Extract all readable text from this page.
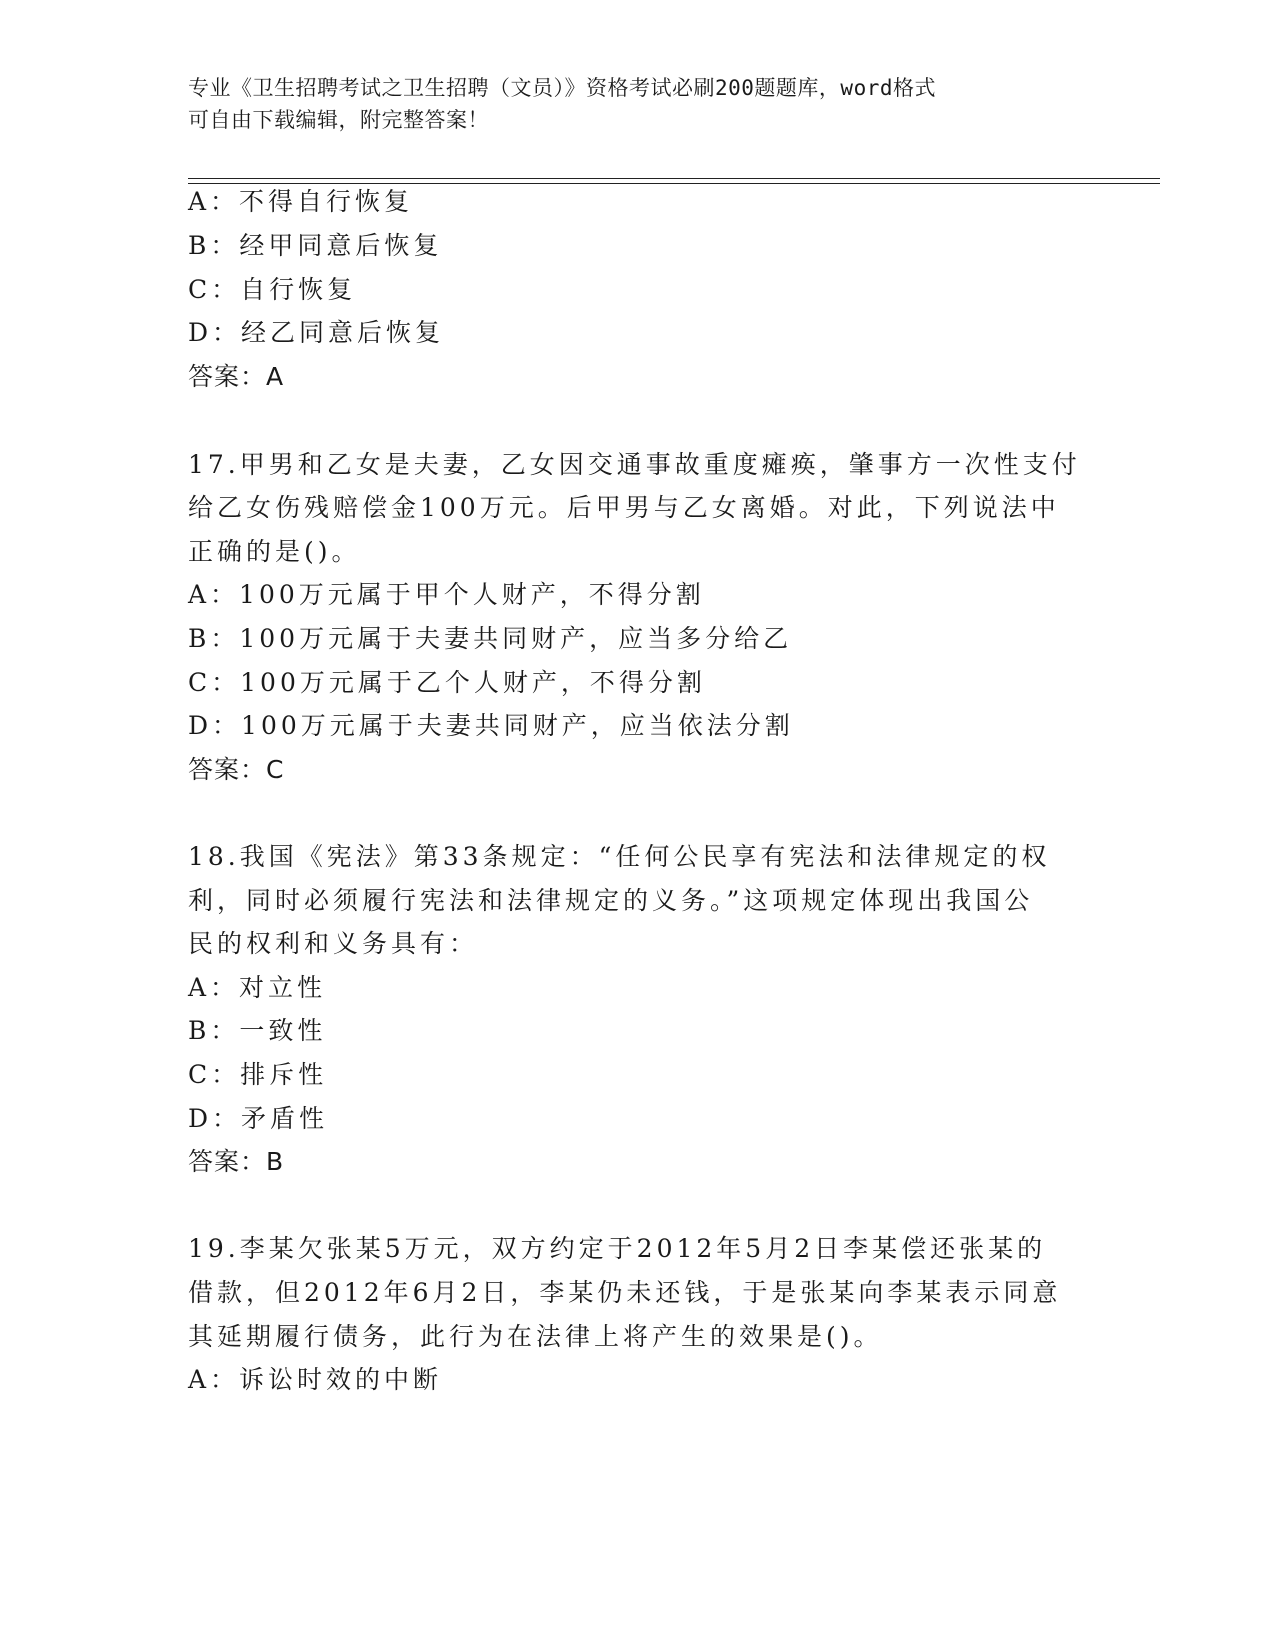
专业《卫生招聘考试之卫生招聘（文员）》资格考试必刷200题题库，word格式
可自由下载编辑，附完整答案！
A：不得自行恢复
B：经甲同意后恢复
C：自行恢复
D：经乙同意后恢复
答案：A
17.甲男和乙女是夫妻，乙女因交通事故重度瘫痪，肇事方一次性支付
给乙女伤残赔偿金100万元。后甲男与乙女离婚。对此，下列说法中
正确的是()。
A：100万元属于甲个人财产，不得分割
B：100万元属于夫妻共同财产，应当多分给乙
C：100万元属于乙个人财产，不得分割
D：100万元属于夫妻共同财产，应当依法分割
答案：C
18.我国《宪法》第33条规定：“任何公民享有宪法和法律规定的权
利，同时必须履行宪法和法律规定的义务。”这项规定体现出我国公
民的权利和义务具有：
A：对立性
B：一致性
C：排斥性
D：矛盾性
答案：B
19.李某欠张某5万元，双方约定于2012年5月2日李某偿还张某的
借款，但2012年6月2日，李某仍未还钱，于是张某向李某表示同意
其延期履行债务，此行为在法律上将产生的效果是()。
A：诉讼时效的中断
